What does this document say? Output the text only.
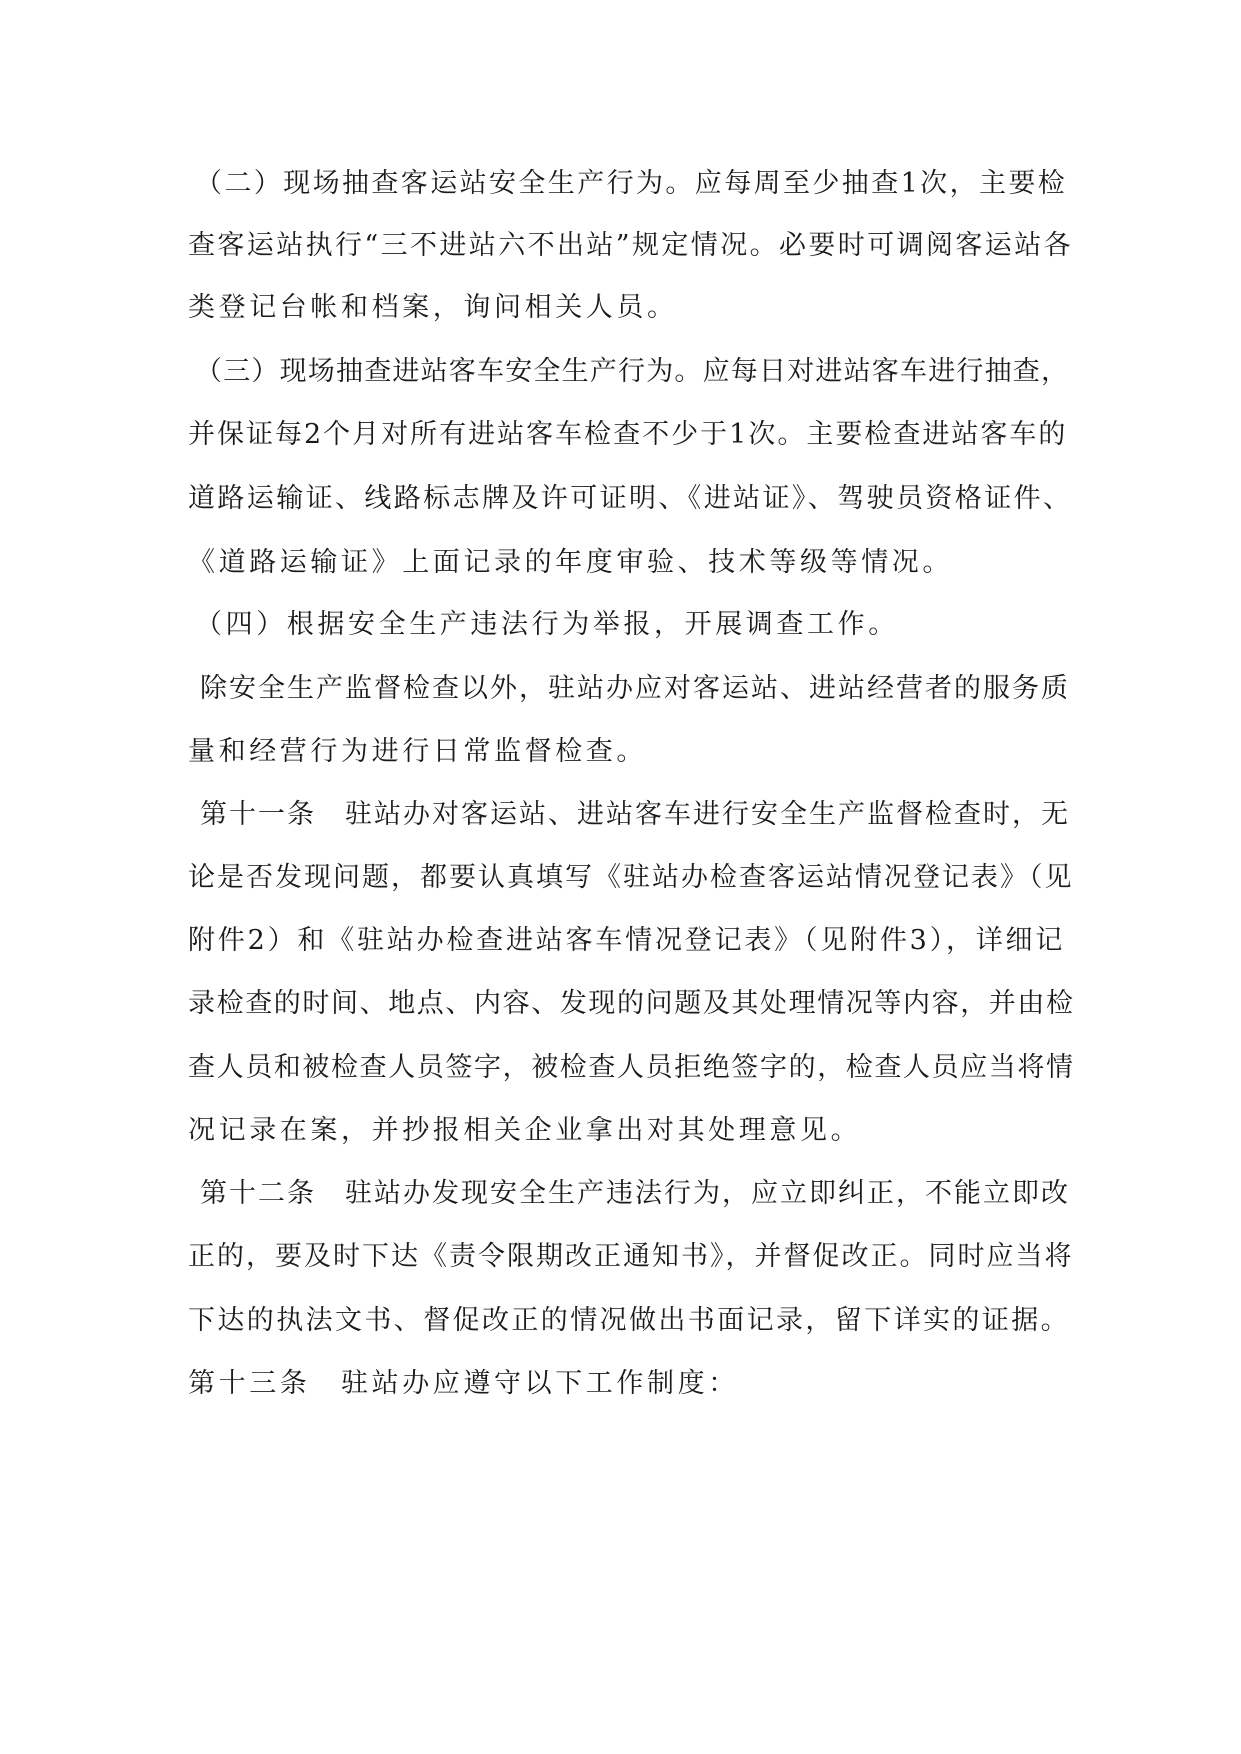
（二）现场抽查客运站安全生产行为。应每周至少抽查1次，主要检
查客运站执行“三不进站六不出站”规定情况。必要时可调阅客运站各
类登记台帐和档案，询问相关人员。
（三）现场抽查进站客车安全生产行为。应每日对进站客车进行抽查，
并保证每2个月对所有进站客车检查不少于1次。主要检查进站客车的
道路运输证、线路标志牌及许可证明、《进站证》、驾驶员资格证件、
《道路运输证》上面记录的年度审验、技术等级等情况。
（四）根据安全生产违法行为举报，开展调查工作。
除安全生产监督检查以外，驻站办应对客运站、进站经营者的服务质
量和经营行为进行日常监督检查。
第十一条　驻站办对客运站、进站客车进行安全生产监督检查时，无
论是否发现问题，都要认真填写《驻站办检查客运站情况登记表》（见
附件2）和《驻站办检查进站客车情况登记表》（见附件3），详细记
录检查的时间、地点、内容、发现的问题及其处理情况等内容，并由检
查人员和被检查人员签字，被检查人员拒绝签字的，检查人员应当将情
况记录在案，并抄报相关企业拿出对其处理意见。
第十二条　驻站办发现安全生产违法行为，应立即纠正，不能立即改
正的，要及时下达《责令限期改正通知书》，并督促改正。同时应当将
下达的执法文书、督促改正的情况做出书面记录，留下详实的证据。
第十三条　驻站办应遵守以下工作制度：
